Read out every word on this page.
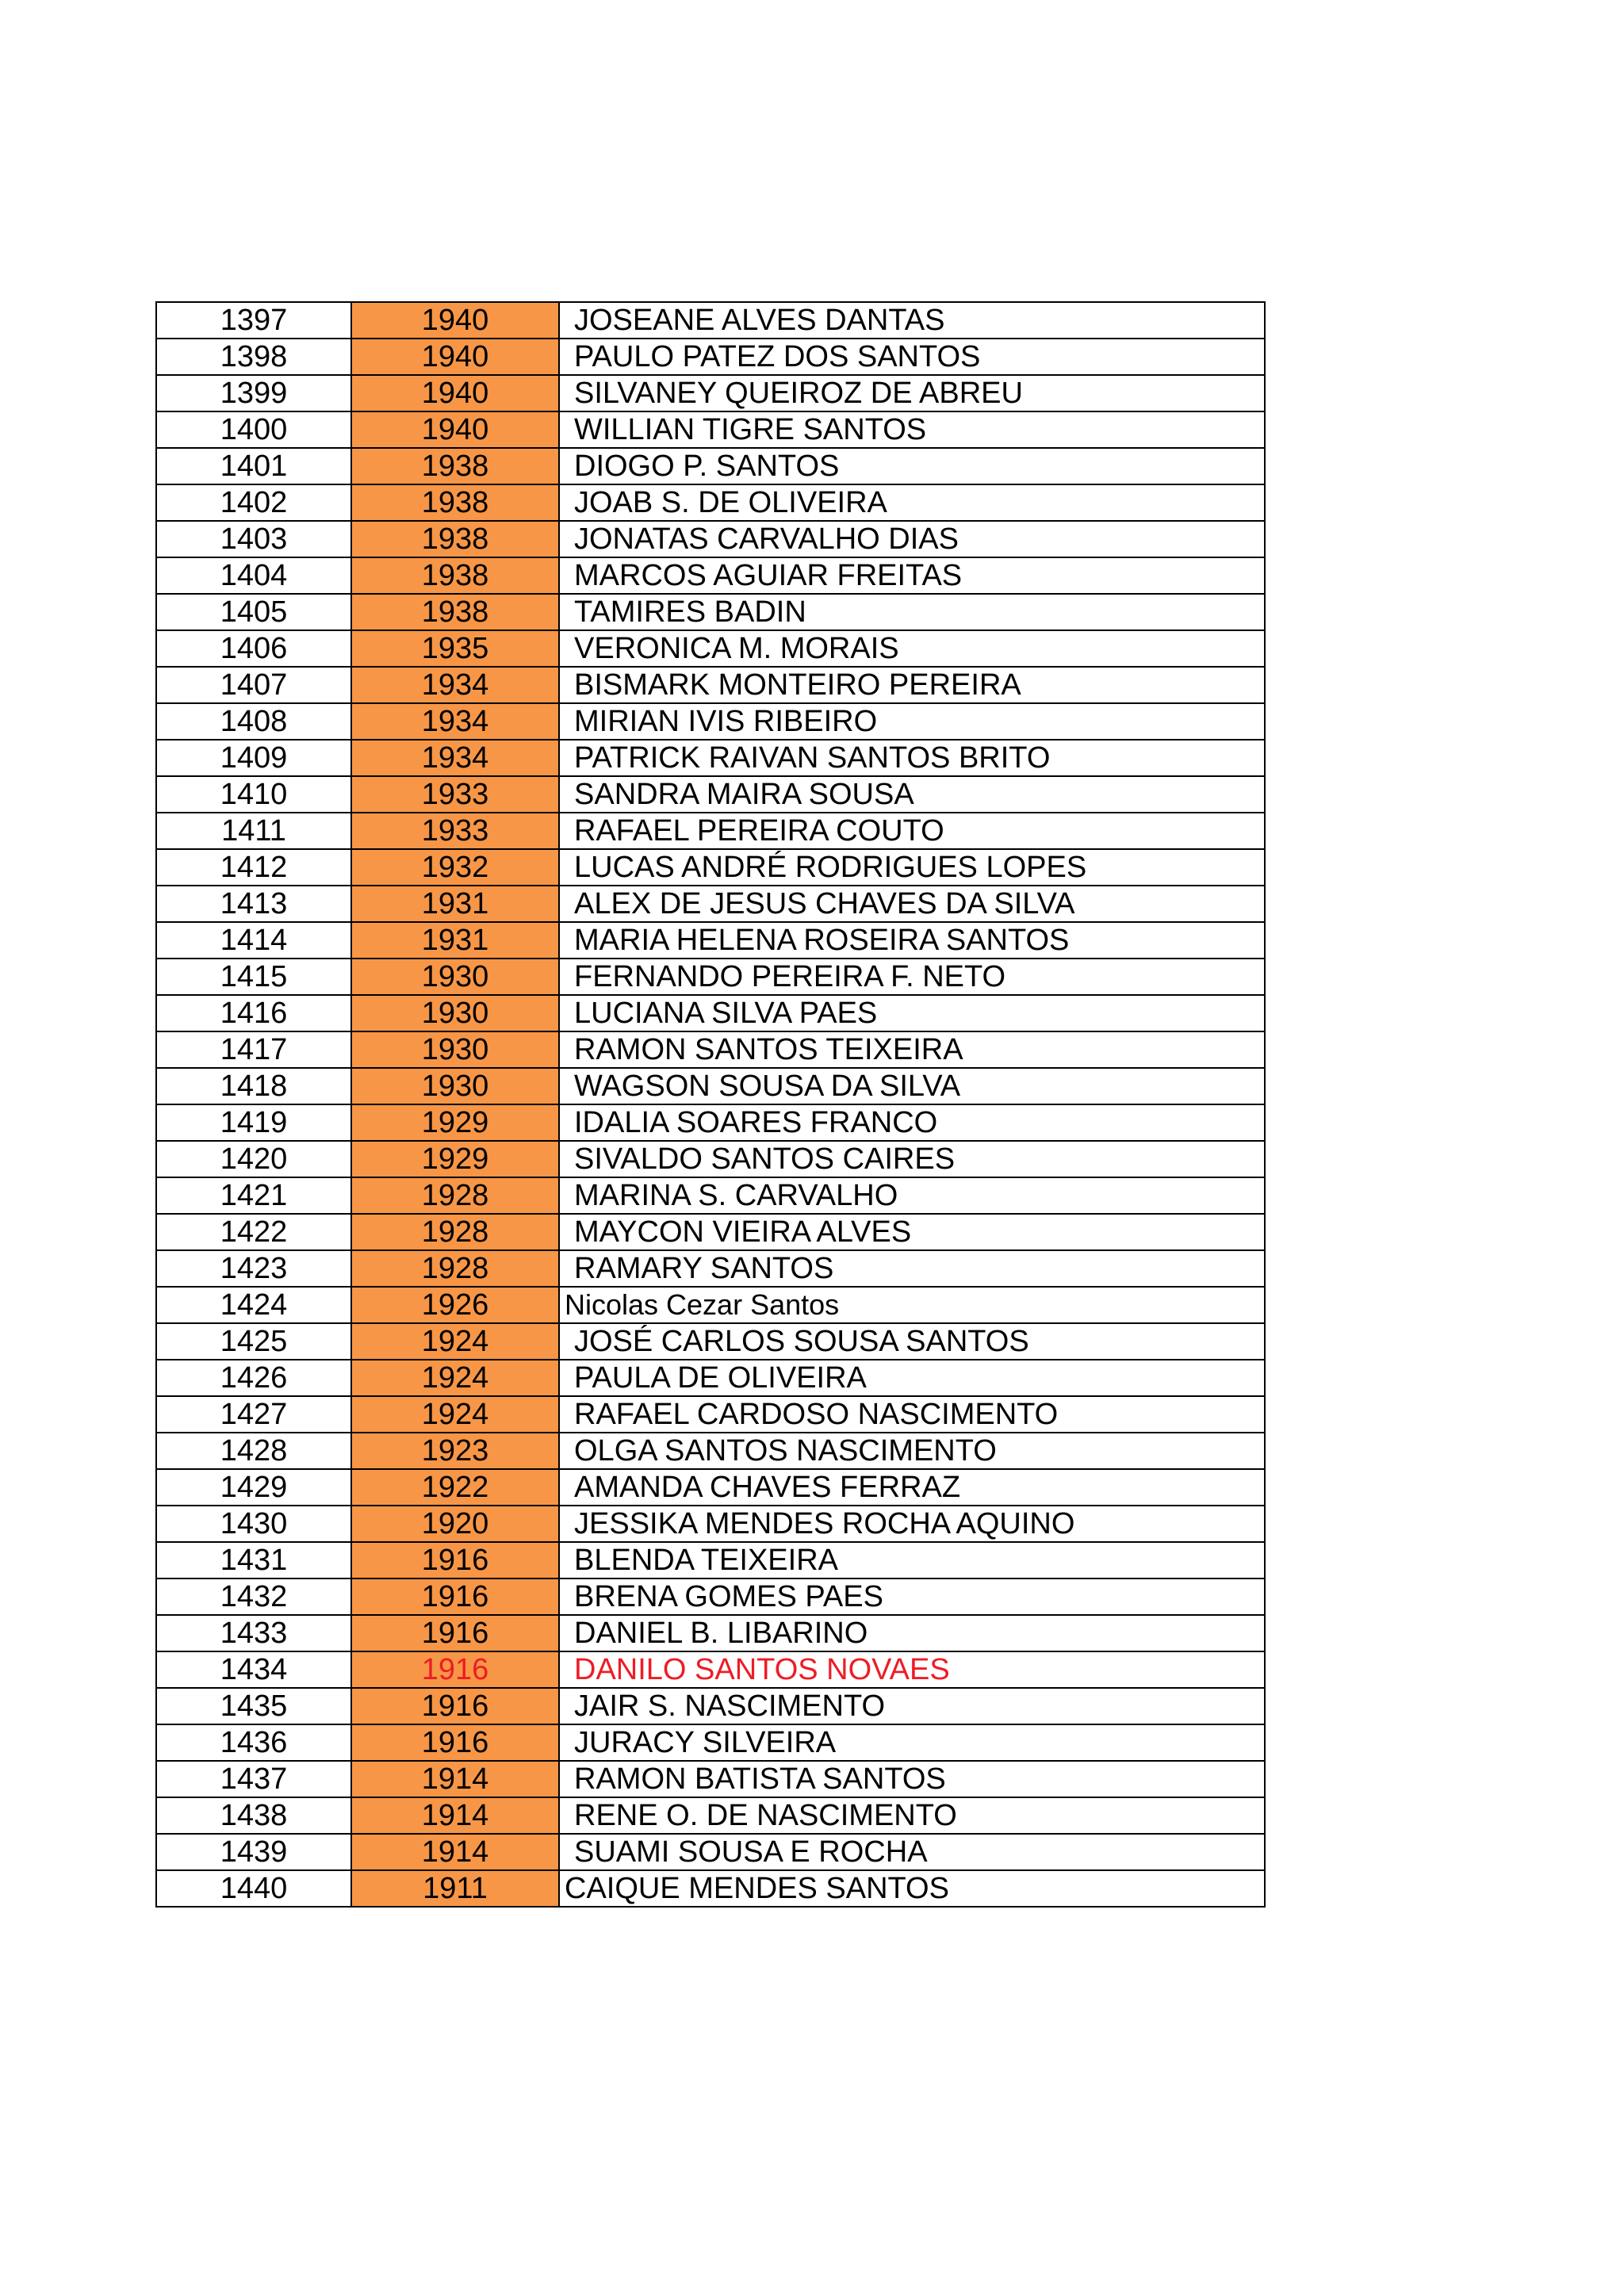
1397	1940	JOSEANE ALVES DANTAS
1398	1940	PAULO PATEZ DOS SANTOS
1399	1940	SILVANEY QUEIROZ DE ABREU
1400	1940	WILLIAN TIGRE SANTOS
1401	1938	DIOGO P. SANTOS
1402	1938	JOAB S. DE OLIVEIRA
1403	1938	JONATAS CARVALHO DIAS
1404	1938	MARCOS AGUIAR FREITAS
1405	1938	TAMIRES BADIN
1406	1935	VERONICA M. MORAIS
1407	1934	BISMARK MONTEIRO PEREIRA
1408	1934	MIRIAN IVIS RIBEIRO
1409	1934	PATRICK RAIVAN SANTOS BRITO
1410	1933	SANDRA MAIRA SOUSA
1411	1933	RAFAEL PEREIRA COUTO
1412	1932	LUCAS ANDRÉ RODRIGUES LOPES
1413	1931	ALEX DE JESUS CHAVES DA SILVA
1414	1931	MARIA HELENA ROSEIRA SANTOS
1415	1930	FERNANDO PEREIRA F. NETO
1416	1930	LUCIANA SILVA PAES
1417	1930	RAMON SANTOS TEIXEIRA
1418	1930	WAGSON SOUSA DA SILVA
1419	1929	IDALIA SOARES FRANCO
1420	1929	SIVALDO SANTOS CAIRES
1421	1928	MARINA S. CARVALHO
1422	1928	MAYCON VIEIRA ALVES
1423	1928	RAMARY SANTOS
1424	1926	Nicolas Cezar Santos
1425	1924	JOSÉ CARLOS SOUSA SANTOS
1426	1924	PAULA DE OLIVEIRA
1427	1924	RAFAEL CARDOSO NASCIMENTO
1428	1923	OLGA SANTOS NASCIMENTO
1429	1922	AMANDA CHAVES FERRAZ
1430	1920	JESSIKA MENDES ROCHA AQUINO
1431	1916	BLENDA TEIXEIRA
1432	1916	BRENA GOMES PAES
1433	1916	DANIEL B. LIBARINO
1434	1916	DANILO SANTOS NOVAES
1435	1916	JAIR S. NASCIMENTO
1436	1916	JURACY SILVEIRA
1437	1914	RAMON BATISTA SANTOS
1438	1914	RENE O. DE NASCIMENTO
1439	1914	SUAMI SOUSA E ROCHA
1440	1911	CAIQUE MENDES SANTOS
